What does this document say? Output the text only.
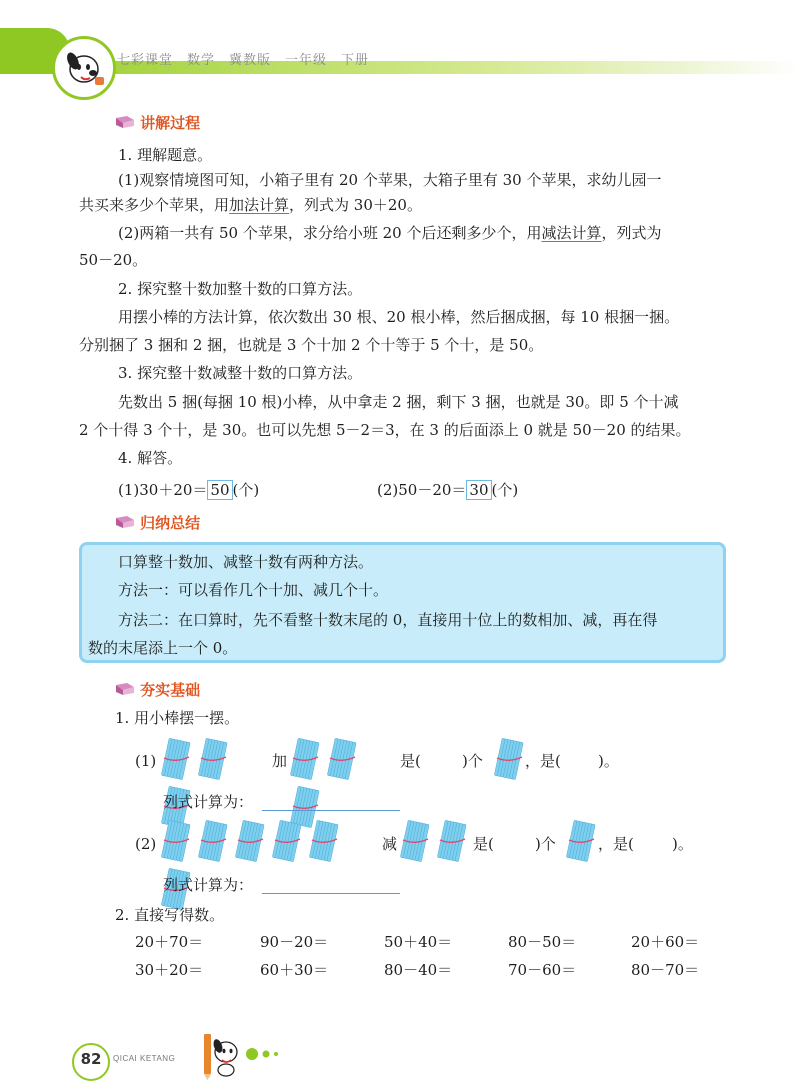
七彩课堂　数学　冀教版　一年级　下册
讲解过程
1. 理解题意。
(1)观察情境图可知，小箱子里有 20 个苹果，大箱子里有 30 个苹果，求幼儿园一
共买来多少个苹果，用加法计算，列式为 30＋20。
(2)两箱一共有 50 个苹果，求分给小班 20 个后还剩多少个，用减法计算，列式为
50－20。
2. 探究整十数加整十数的口算方法。
用摆小棒的方法计算，依次数出 30 根、20 根小棒，然后捆成捆，每 10 根捆一捆。
分别捆了 3 捆和 2 捆，也就是 3 个十加 2 个十等于 5 个十，是 50。
3. 探究整十数减整十数的口算方法。
先数出 5 捆(每捆 10 根)小棒，从中拿走 2 捆，剩下 3 捆，也就是 30。即 5 个十减
2 个十得 3 个十，是 30。也可以先想 5－2＝3，在 3 的后面添上 0 就是 50－20 的结果。
4. 解答。
(1)30＋20＝ 50 (个)	(2)50－20＝ 30 (个)
归纳总结
口算整十数加、减整十数有两种方法。
方法一：可以看作几个十加、减几个十。
方法二：在口算时，先不看整十数末尾的 0，直接用十位上的数相加、减，再在得
数的末尾添上一个 0。
夯实基础
1. 用小棒摆一摆。
(1)	加	是(	)个	，是( )。
列式计算为：
(2)	减	是(	)个	，是(	)。
列式计算为：
2. 直接写得数。
20＋70＝	90－20＝	50＋40＝	80－50＝	20＋60＝
30＋20＝	60＋30＝	80－40＝	70－60＝	80－70＝
82	QICAI KETANG
